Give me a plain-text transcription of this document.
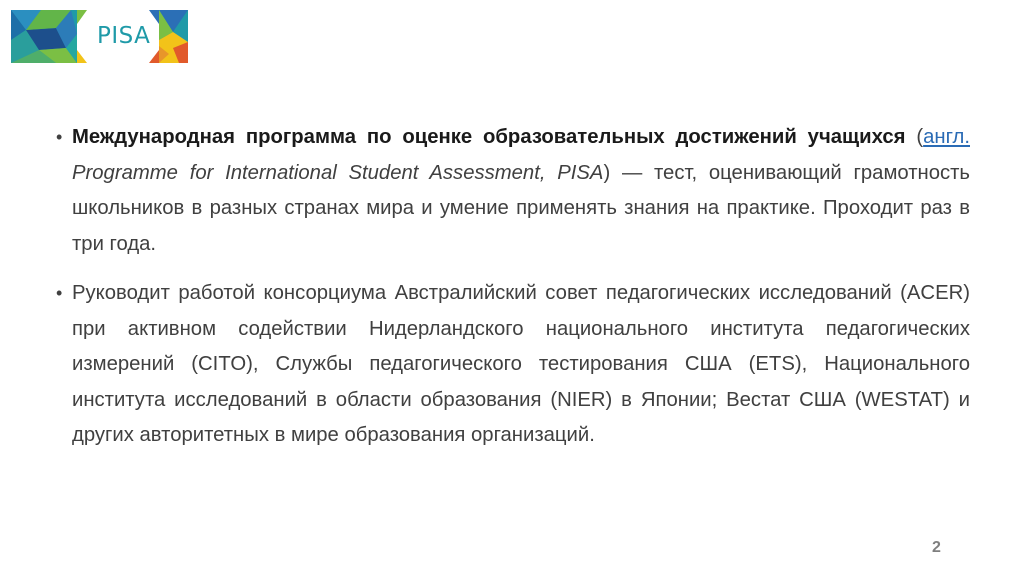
PISA
• Международная программа по оценке образовательных достижений учащихся (англ. Programme for International Student Assessment, PISA) — тест, оценивающий грамотность школьников в разных странах мира и умение применять знания на практике. Проходит раз в три года.
• Руководит работой консорциума Австралийский совет педагогических исследований (ACER) при активном содействии Нидерландского национального института педагогических измерений (CITO), Службы педагогического тестирования США (ETS), Национального института исследований в области образования (NIER) в Японии; Вестат США (WESTAT) и других авторитетных в мире образования организаций.
2
